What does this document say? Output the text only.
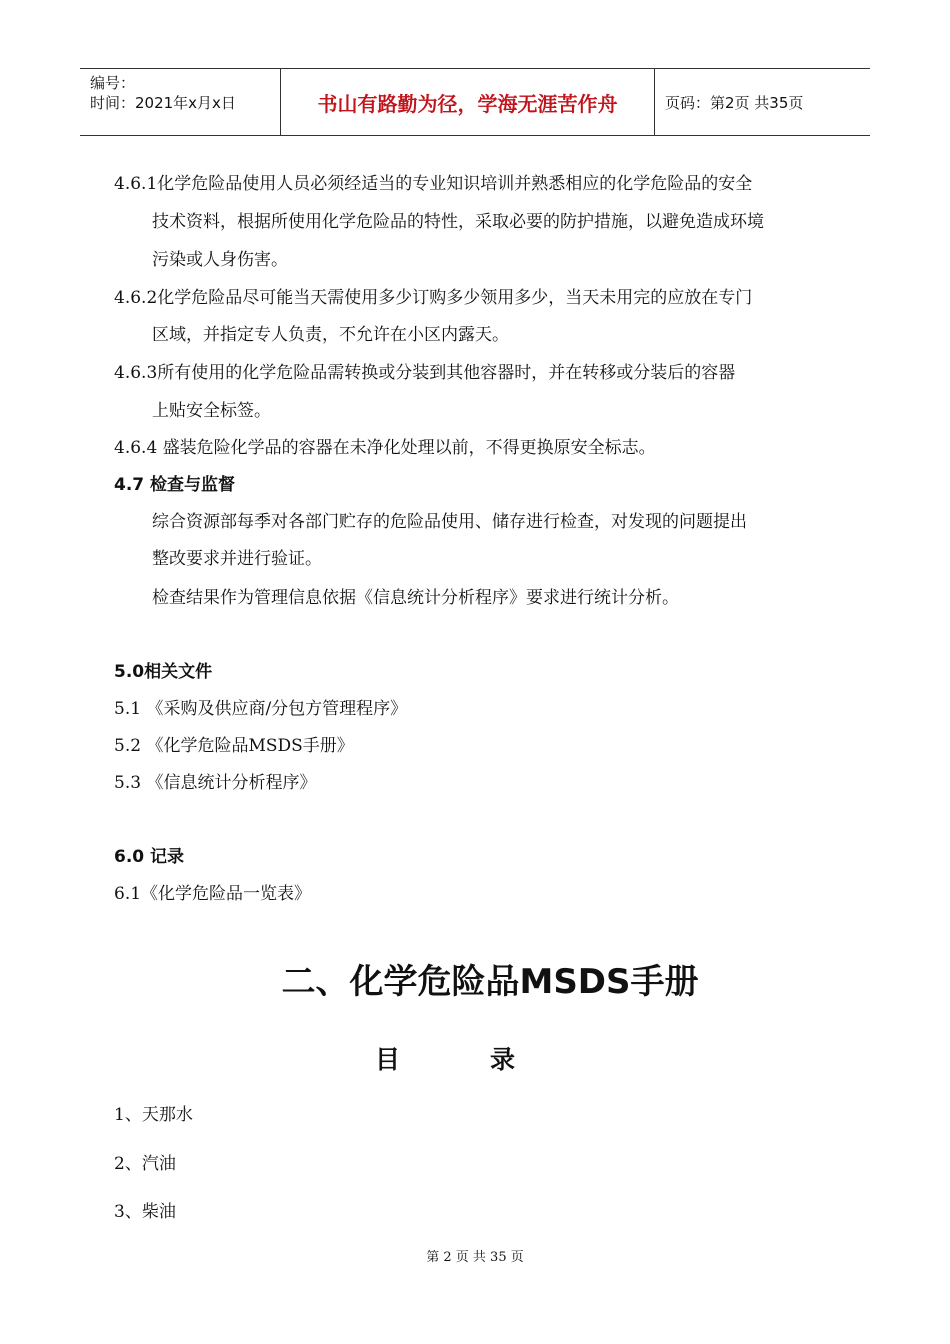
编号：
时间：2021年x月x日	书山有路勤为径，学海无涯苦作舟	页码：第2页 共35页
4.6.1化学危险品使用人员必须经适当的专业知识培训并熟悉相应的化学危险品的安全
技术资料，根据所使用化学危险品的特性，采取必要的防护措施，以避免造成环境
污染或人身伤害。
4.6.2化学危险品尽可能当天需使用多少订购多少领用多少，当天未用完的应放在专门
区域，并指定专人负责，不允许在小区内露天。
4.6.3所有使用的化学危险品需转换或分装到其他容器时，并在转移或分装后的容器
上贴安全标签。
4.6.4 盛装危险化学品的容器在未净化处理以前，不得更换原安全标志。
4.7 检查与监督
综合资源部每季对各部门贮存的危险品使用、储存进行检查，对发现的问题提出
整改要求并进行验证。
检查结果作为管理信息依据《信息统计分析程序》要求进行统计分析。
5.0相关文件
5.1 《采购及供应商/分包方管理程序》
5.2 《化学危险品MSDS手册》
5.3 《信息统计分析程序》
6.0 记录
6.1《化学危险品一览表》
二、化学危险品MSDS手册
目	录
1、天那水
2、汽油
3、柴油
第 2 页 共 35 页
